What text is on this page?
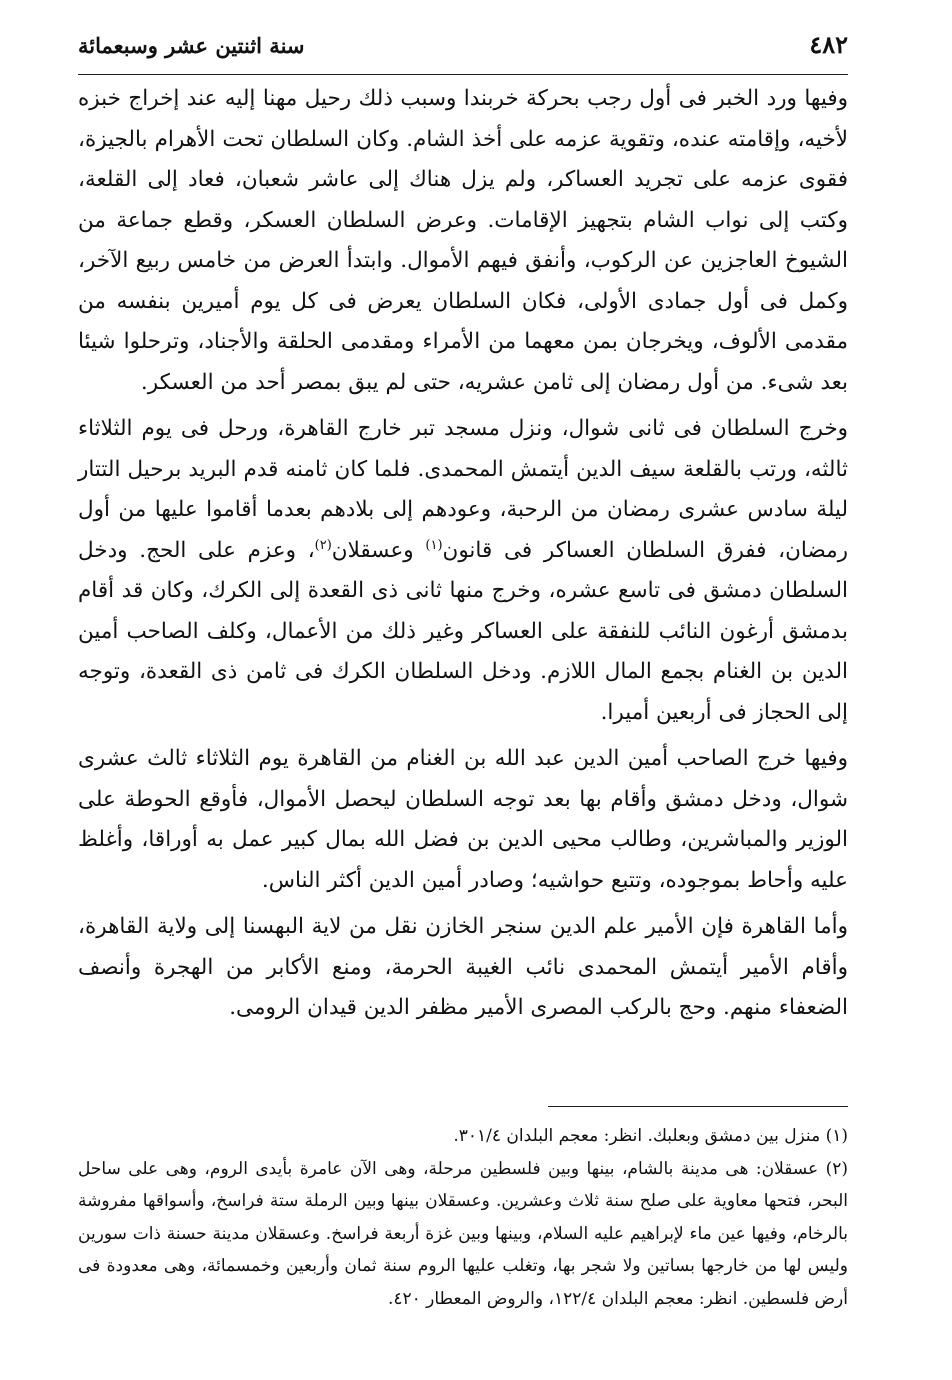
٤٨٢
سنة اثنتين عشر وسبعمائة

وفيها ورد الخبر فى أول رجب بحركة خربندا وسبب ذلك رحيل مهنا إليه عند إخراج خبزه لأخيه، وإقامته عنده، وتقوية عزمه على أخذ الشام. وكان السلطان تحت الأهرام بالجيزة، فقوى عزمه على تجريد العساكر، ولم يزل هناك إلى عاشر شعبان، فعاد إلى القلعة، وكتب إلى نواب الشام بتجهيز الإقامات. وعرض السلطان العسكر، وقطع جماعة من الشيوخ العاجزين عن الركوب، وأنفق فيهم الأموال. وابتدأ العرض من خامس ربيع الآخر، وكمل فى أول جمادى الأولى، فكان السلطان يعرض فى كل يوم أميرين بنفسه من مقدمى الألوف، ويخرجان بمن معهما من الأمراء ومقدمى الحلقة والأجناد، وترحلوا شيئا بعد شىء. من أول رمضان إلى ثامن عشريه، حتى لم يبق بمصر أحد من العسكر.

وخرج السلطان فى ثانى شوال، ونزل مسجد تبر خارج القاهرة، ورحل فى يوم الثلاثاء ثالثه، ورتب بالقلعة سيف الدين أيتمش المحمدى. فلما كان ثامنه قدم البريد برحيل التتار ليلة سادس عشرى رمضان من الرحبة، وعودهم إلى بلادهم بعدما أقاموا عليها من أول رمضان، ففرق السلطان العساكر فى قانون$^{(١)}$ وعسقلان$^{(٢)}$، وعزم على الحج. ودخل السلطان دمشق فى تاسع عشره، وخرج منها ثانى ذى القعدة إلى الكرك، وكان قد أقام بدمشق أرغون النائب للنفقة على العساكر وغير ذلك من الأعمال، وكلف الصاحب أمين الدين بن الغنام بجمع المال اللازم. ودخل السلطان الكرك فى ثامن ذى القعدة، وتوجه إلى الحجاز فى أربعين أميرا.

وفيها خرج الصاحب أمين الدين عبد الله بن الغنام من القاهرة يوم الثلاثاء ثالث عشرى شوال، ودخل دمشق وأقام بها بعد توجه السلطان ليحصل الأموال، فأوقع الحوطة على الوزير والمباشرين، وطالب محيى الدين بن فضل الله بمال كبير عمل به أوراقا، وأغلظ عليه وأحاط بموجوده، وتتبع حواشيه؛ وصادر أمين الدين أكثر الناس.

وأما القاهرة فإن الأمير علم الدين سنجر الخازن نقل من لاية البهسنا إلى ولاية القاهرة، وأقام الأمير أيتمش المحمدى نائب الغيبة الحرمة، ومنع الأكابر من الهجرة وأنصف الضعفاء منهم. وحج بالركب المصرى الأمير مظفر الدين قيدان الرومى.

(١) منزل بين دمشق وبعلبك. انظر: معجم البلدان ٣٠١/٤.

(٢) عسقلان: هى مدينة بالشام، بينها وبين فلسطين مرحلة، وهى الآن عامرة بأيدى الروم، وهى على ساحل البحر، فتحها معاوية على صلح سنة ثلاث وعشرين. وعسقلان بينها وبين الرملة ستة فراسخ، وأسواقها مفروشة بالرخام، وفيها عين ماء لإبراهيم عليه السلام، وبينها وبين غزة أربعة فراسخ. وعسقلان مدينة حسنة ذات سورين وليس لها من خارجها بساتين ولا شجر بها، وتغلب عليها الروم سنة ثمان وأربعين وخمسمائة، وهى معدودة فى أرض فلسطين. انظر: معجم البلدان ١٢٢/٤، والروض المعطار ٤٢٠.
